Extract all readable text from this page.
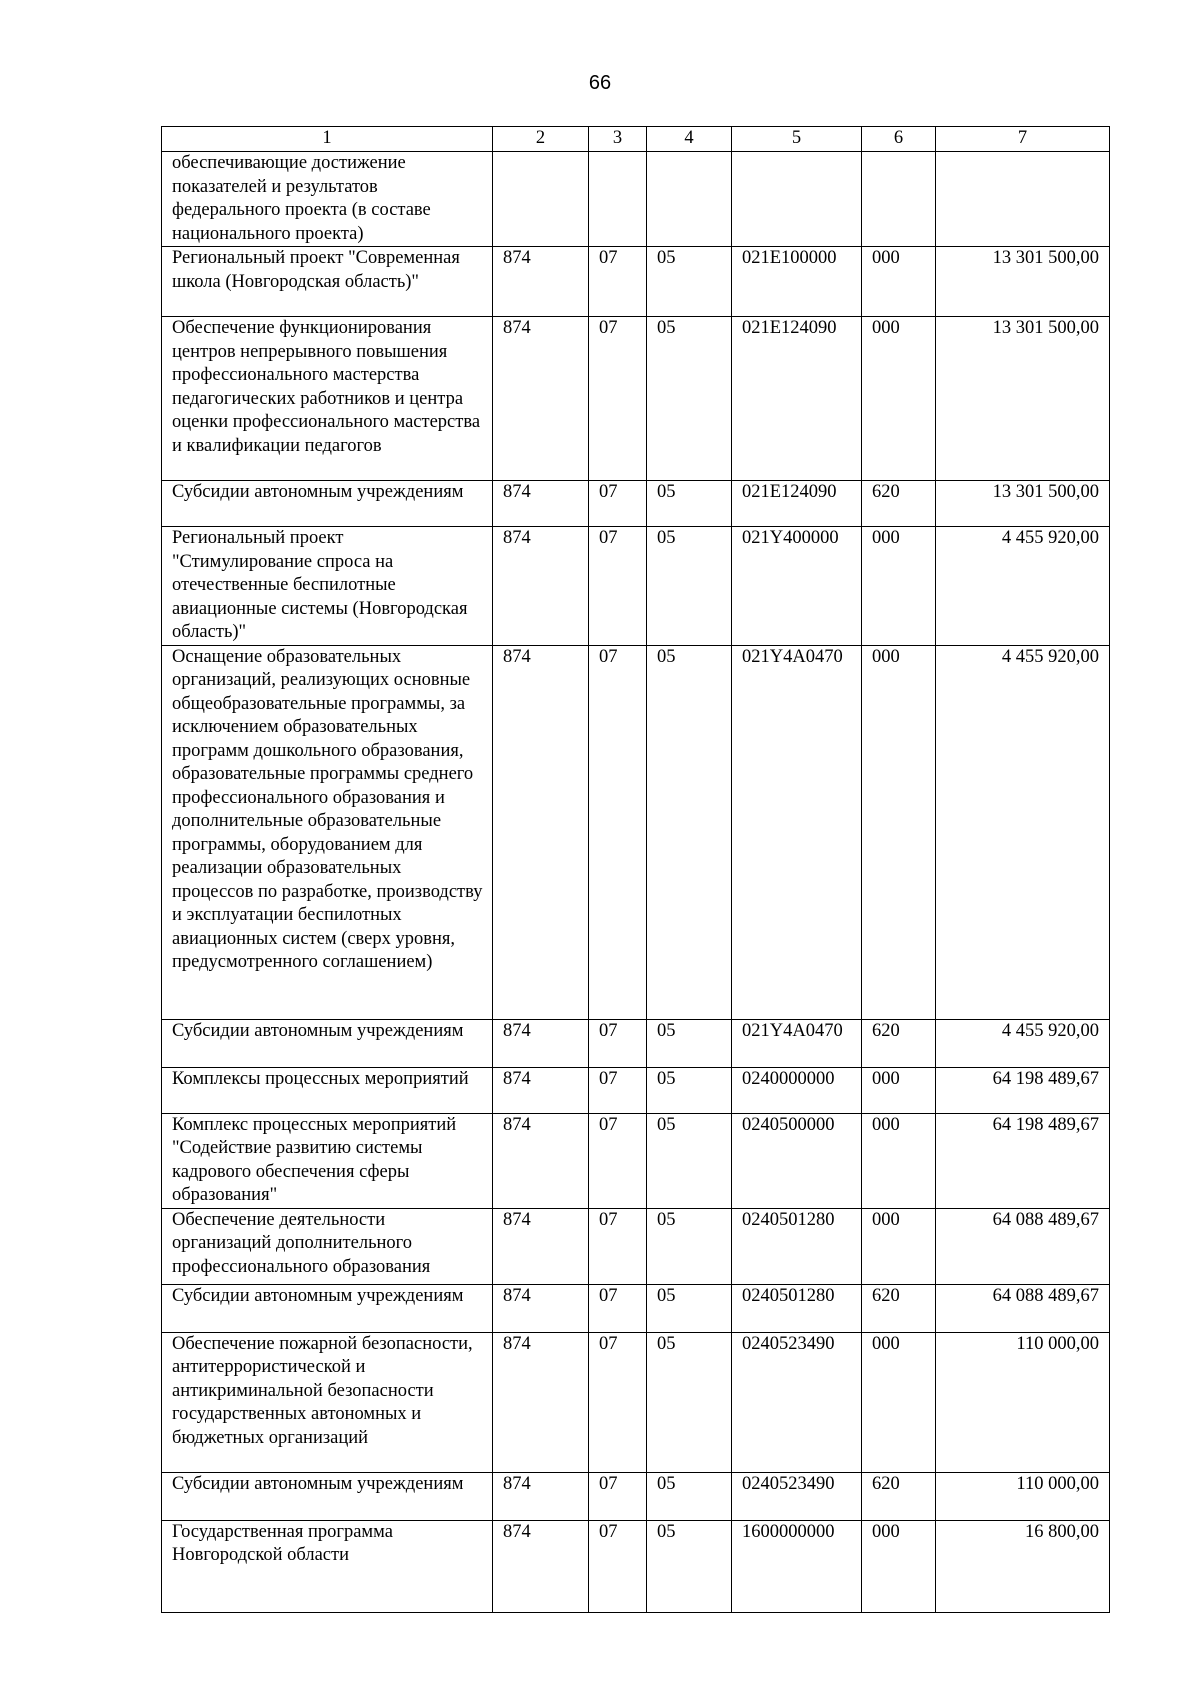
66
1	2	3	4	5	6	7
обеспечивающие достижение показателей и результатов федерального проекта (в составе национального проекта)						
Региональный проект "Современная школа (Новгородская область)"	874	07	05	021E100000	000	13 301 500,00
Обеспечение функционирования центров непрерывного повышения профессионального мастерства педагогических работников и центра оценки профессионального мастерства и квалификации педагогов	874	07	05	021E124090	000	13 301 500,00
Субсидии автономным учреждениям	874	07	05	021E124090	620	13 301 500,00
Региональный проект "Стимулирование спроса на отечественные беспилотные авиационные системы (Новгородская область)"	874	07	05	021Y400000	000	4 455 920,00
Оснащение образовательных организаций, реализующих основные общеобразовательные программы, за исключением образовательных программ дошкольного образования, образовательные программы среднего профессионального образования и дополнительные образовательные программы, оборудованием для реализации образовательных процессов по разработке, производству и эксплуатации беспилотных авиационных систем (сверх уровня, предусмотренного соглашением)	874	07	05	021Y4A0470	000	4 455 920,00
Субсидии автономным учреждениям	874	07	05	021Y4A0470	620	4 455 920,00
Комплексы процессных мероприятий	874	07	05	0240000000	000	64 198 489,67
Комплекс процессных мероприятий "Содействие развитию системы кадрового обеспечения сферы образования"	874	07	05	0240500000	000	64 198 489,67
Обеспечение деятельности организаций дополнительного профессионального образования	874	07	05	0240501280	000	64 088 489,67
Субсидии автономным учреждениям	874	07	05	0240501280	620	64 088 489,67
Обеспечение пожарной безопасности, антитеррористической и антикриминальной безопасности государственных автономных и бюджетных организаций	874	07	05	0240523490	000	110 000,00
Субсидии автономным учреждениям	874	07	05	0240523490	620	110 000,00
Государственная программа Новгородской области	874	07	05	1600000000	000	16 800,00
